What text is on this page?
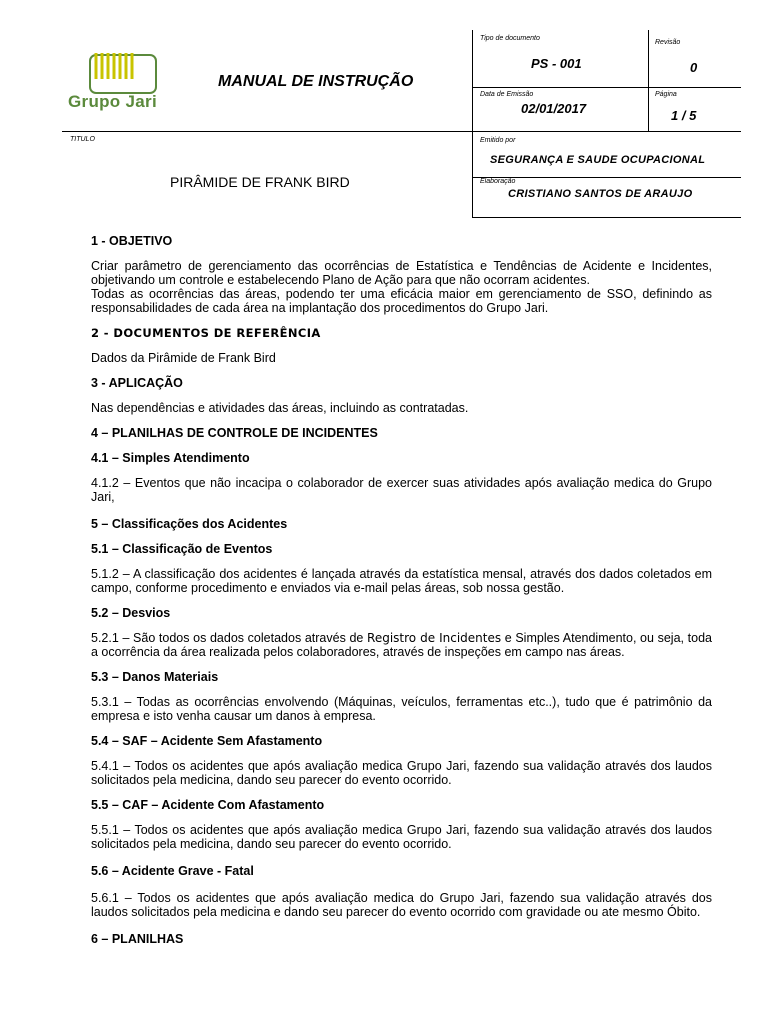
Grupo Jari
MANUAL DE INSTRUÇÃO
Tipo de documento
PS - 001
Revisão
0
Data de Emissão
02/01/2017
Página
1 / 5
TITULO
PIRÂMIDE DE FRANK BIRD
Emitido por
SEGURANÇA E SAUDE OCUPACIONAL
Elaboração
CRISTIANO SANTOS DE ARAUJO
1 - OBJETIVO

Criar parâmetro de gerenciamento das ocorrências de Estatística e Tendências de Acidente e Incidentes, objetivando um controle e estabelecendo Plano de Ação para que não ocorram acidentes.

Todas as ocorrências das áreas, podendo ter uma eficácia maior em gerenciamento de SSO, definindo as responsabilidades de cada área na implantação dos procedimentos do Grupo Jari.

2 - DOCUMENTOS DE REFERÊNCIA

Dados da Pirâmide de Frank Bird

3 - APLICAÇÃO

Nas dependências e atividades das áreas, incluindo as contratadas.

4 – PLANILHAS DE CONTROLE DE INCIDENTES
4.1 – Simples Atendimento

4.1.2 – Eventos que não incacipa o colaborador de exercer suas atividades após avaliação medica do Grupo Jari,

5 – Classificações dos Acidentes
5.1 – Classificação de Eventos

5.1.2 – A classificação dos acidentes é lançada através da estatística mensal, através dos dados coletados em campo, conforme procedimento e enviados via e-mail pelas áreas, sob nossa gestão.

5.2 – Desvios

5.2.1 – São todos os dados coletados através de Registro de Incidentes e Simples Atendimento, ou seja, toda a ocorrência da área realizada pelos colaboradores, através de inspeções em campo nas áreas.

5.3 – Danos Materiais

5.3.1 – Todas as ocorrências envolvendo (Máquinas, veículos, ferramentas etc..), tudo que é patrimônio da empresa e isto venha causar um danos à empresa.

5.4 – SAF – Acidente Sem Afastamento

5.4.1 – Todos os acidentes que após avaliação medica Grupo Jari, fazendo sua validação através dos laudos solicitados pela medicina, dando seu parecer do evento ocorrido.

5.5 – CAF – Acidente Com Afastamento

5.5.1 – Todos os acidentes que após avaliação medica Grupo Jari, fazendo sua validação através dos laudos solicitados pela medicina, dando seu parecer do evento ocorrido.

5.6 – Acidente Grave - Fatal

5.6.1 – Todos os acidentes que após avaliação medica do Grupo Jari, fazendo sua validação através dos laudos solicitados pela medicina e dando seu parecer do evento ocorrido com gravidade ou ate mesmo Óbito.

6 – PLANILHAS
